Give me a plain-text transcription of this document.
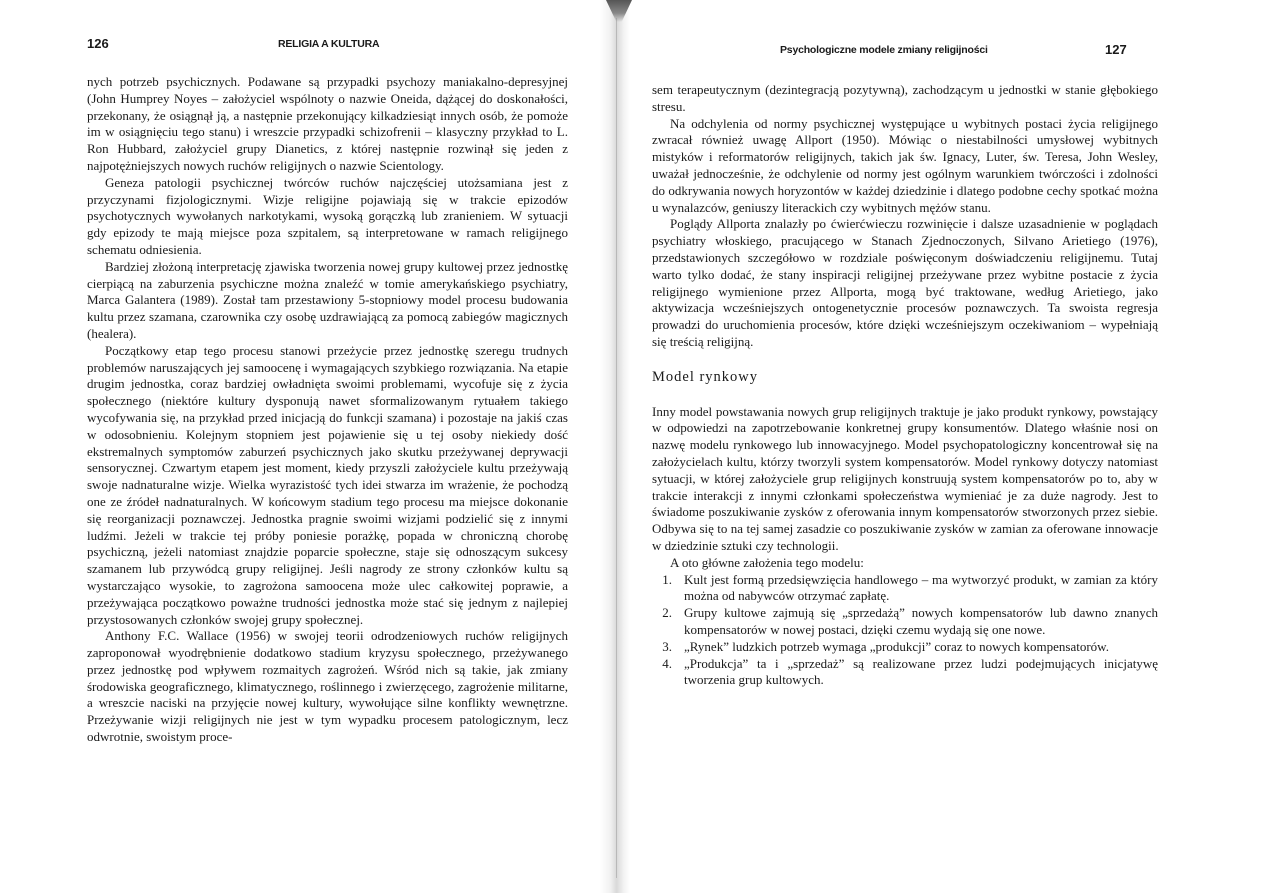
126	RELIGIA A KULTURA

nych potrzeb psychicznych. Podawane są przypadki psychozy maniakalno-depresyjnej (John Humprey Noyes – założyciel wspólnoty o nazwie Oneida, dążącej do doskonałości, przekonany, że osiągnął ją, a następnie przekonujący kilkadziesiąt innych osób, że pomoże im w osiągnięciu tego stanu) i wreszcie przypadki schizofrenii – klasyczny przykład to L. Ron Hubbard, założyciel grupy Dianetics, z której następnie rozwinął się jeden z najpotężniejszych nowych ruchów religijnych o nazwie Scientology.

Geneza patologii psychicznej twórców ruchów najczęściej utożsamiana jest z przyczynami fizjologicznymi. Wizje religijne pojawiają się w trakcie epizodów psychotycznych wywołanych narkotykami, wysoką gorączką lub zranieniem. W sytuacji gdy epizody te mają miejsce poza szpitalem, są interpretowane w ramach religijnego schematu odniesienia.

Bardziej złożoną interpretację zjawiska tworzenia nowej grupy kultowej przez jednostkę cierpiącą na zaburzenia psychiczne można znaleźć w tomie amerykańskiego psychiatry, Marca Galantera (1989). Został tam przestawiony 5-stopniowy model procesu budowania kultu przez szamana, czarownika czy osobę uzdrawiającą za pomocą zabiegów magicznych (healera).

Początkowy etap tego procesu stanowi przeżycie przez jednostkę szeregu trudnych problemów naruszających jej samoocenę i wymagających szybkiego rozwiązania. Na etapie drugim jednostka, coraz bardziej owładnięta swoimi problemami, wycofuje się z życia społecznego (niektóre kultury dysponują nawet sformalizowanym rytuałem takiego wycofywania się, na przykład przed inicjacją do funkcji szamana) i pozostaje na jakiś czas w odosobnieniu. Kolejnym stopniem jest pojawienie się u tej osoby niekiedy dość ekstremalnych symptomów zaburzeń psychicznych jako skutku przeżywanej deprywacji sensorycznej. Czwartym etapem jest moment, kiedy przyszli założyciele kultu przeżywają swoje nadnaturalne wizje. Wielka wyrazistość tych idei stwarza im wrażenie, że pochodzą one ze źródeł nadnaturalnych. W końcowym stadium tego procesu ma miejsce dokonanie się reorganizacji poznawczej. Jednostka pragnie swoimi wizjami podzielić się z innymi ludźmi. Jeżeli w trakcie tej próby poniesie porażkę, popada w chroniczną chorobę psychiczną, jeżeli natomiast znajdzie poparcie społeczne, staje się odnoszącym sukcesy szamanem lub przywódcą grupy religijnej. Jeśli nagrody ze strony członków kultu są wystarczająco wysokie, to zagrożona samoocena może ulec całkowitej poprawie, a przeżywająca początkowo poważne trudności jednostka może stać się jednym z najlepiej przystosowanych członków swojej grupy społecznej.

Anthony F.C. Wallace (1956) w swojej teorii odrodzeniowych ruchów religijnych zaproponował wyodrębnienie dodatkowo stadium kryzysu społecznego, przeżywanego przez jednostkę pod wpływem rozmaitych zagrożeń. Wśród nich są takie, jak zmiany środowiska geograficznego, klimatycznego, roślinnego i zwierzęcego, zagrożenie militarne, a wreszcie naciski na przyjęcie nowej kultury, wywołujące silne konflikty wewnętrzne. Przeżywanie wizji religijnych nie jest w tym wypadku procesem patologicznym, lecz odwrotnie, swoistym proce-

Psychologiczne modele zmiany religijności	127

sem terapeutycznym (dezintegracją pozytywną), zachodzącym u jednostki w stanie głębokiego stresu.

Na odchylenia od normy psychicznej występujące u wybitnych postaci życia religijnego zwracał również uwagę Allport (1950). Mówiąc o niestabilności umysłowej wybitnych mistyków i reformatorów religijnych, takich jak św. Ignacy, Luter, św. Teresa, John Wesley, uważał jednocześnie, że odchylenie od normy jest ogólnym warunkiem twórczości i zdolności do odkrywania nowych horyzontów w każdej dziedzinie i dlatego podobne cechy spotkać można u wynalazców, geniuszy literackich czy wybitnych mężów stanu.

Poglądy Allporta znalazły po ćwierćwieczu rozwinięcie i dalsze uzasadnienie w poglądach psychiatry włoskiego, pracującego w Stanach Zjednoczonych, Silvano Arietiego (1976), przedstawionych szczegółowo w rozdziale poświęconym doświadczeniu religijnemu. Tutaj warto tylko dodać, że stany inspiracji religijnej przeżywane przez wybitne postacie z życia religijnego wymienione przez Allporta, mogą być traktowane, według Arietiego, jako aktywizacja wcześniejszych ontogenetycznie procesów poznawczych. Ta swoista regresja prowadzi do uruchomienia procesów, które dzięki wcześniejszym oczekiwaniom – wypełniają się treścią religijną.

Model rynkowy

Inny model powstawania nowych grup religijnych traktuje je jako produkt rynkowy, powstający w odpowiedzi na zapotrzebowanie konkretnej grupy konsumentów. Dlatego właśnie nosi on nazwę modelu rynkowego lub innowacyjnego. Model psychopatologiczny koncentrował się na założycielach kultu, którzy tworzyli system kompensatorów. Model rynkowy dotyczy natomiast sytuacji, w której założyciele grup religijnych konstruują system kompensatorów po to, aby w trakcie interakcji z innymi członkami społeczeństwa wymieniać je za duże nagrody. Jest to świadome poszukiwanie zysków z oferowania innym kompensatorów stworzonych przez siebie. Odbywa się to na tej samej zasadzie co poszukiwanie zysków w zamian za oferowane innowacje w dziedzinie sztuki czy technologii.

A oto główne założenia tego modelu:

1. Kult jest formą przedsięwzięcia handlowego – ma wytworzyć produkt, w zamian za który można od nabywców otrzymać zapłatę.
2. Grupy kultowe zajmują się „sprzedażą” nowych kompensatorów lub dawno znanych kompensatorów w nowej postaci, dzięki czemu wydają się one nowe.
3. „Rynek” ludzkich potrzeb wymaga „produkcji” coraz to nowych kompensatorów.
4. „Produkcja” ta i „sprzedaż” są realizowane przez ludzi podejmujących inicjatywę tworzenia grup kultowych.
